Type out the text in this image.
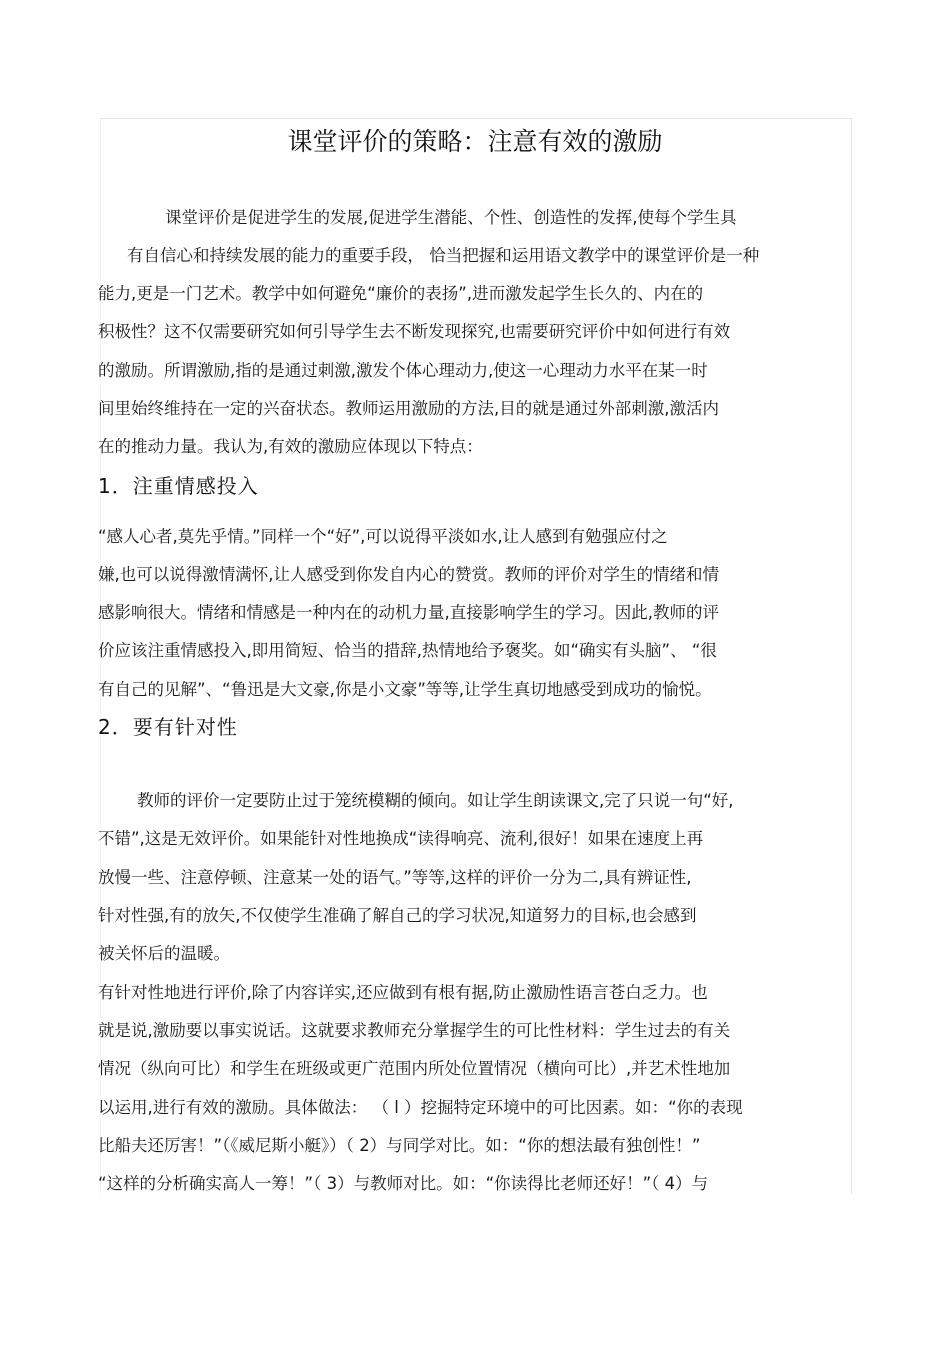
课堂评价的策略：注意有效的激励
课堂评价是促进学生的发展,促进学生潜能、个性、创造性的发挥,使每个学生具
有自信心和持续发展的能力的重要手段， 恰当把握和运用语文教学中的课堂评价是一种
能力,更是一门艺术。教学中如何避免“廉价的表扬”,进而激发起学生长久的、内在的
积极性？这不仅需要研究如何引导学生去不断发现探究,也需要研究评价中如何进行有效
的激励。所谓激励,指的是通过刺激,激发个体心理动力,使这一心理动力水平在某一时
间里始终维持在一定的兴奋状态。教师运用激励的方法,目的就是通过外部刺激,激活内
在的推动力量。我认为,有效的激励应体现以下特点：
1．注重情感投入
“感人心者,莫先乎情。”同样一个“好”,可以说得平淡如水,让人感到有勉强应付之
嫌,也可以说得激情满怀,让人感受到你发自内心的赞赏。教师的评价对学生的情绪和情
感影响很大。情绪和情感是一种内在的动机力量,直接影响学生的学习。因此,教师的评
价应该注重情感投入,即用简短、恰当的措辞,热情地给予褒奖。如“确实有头脑”、 “很
有自己的见解”、“鲁迅是大文豪,你是小文豪”等等,让学生真切地感受到成功的愉悦。
2．要有针对性
教师的评价一定要防止过于笼统模糊的倾向。如让学生朗读课文,完了只说一句“好,
不错”,这是无效评价。如果能针对性地换成“读得响亮、流利,很好！如果在速度上再
放慢一些、注意停顿、注意某一处的语气。”等等,这样的评价一分为二,具有辨证性,
针对性强,有的放矢,不仅使学生准确了解自己的学习状况,知道努力的目标,也会感到
被关怀后的温暖。
有针对性地进行评价,除了内容详实,还应做到有根有据,防止激励性语言苍白乏力。也
就是说,激励要以事实说话。这就要求教师充分掌握学生的可比性材料：学生过去的有关
情况（纵向可比）和学生在班级或更广范围内所处位置情况（横向可比）,并艺术性地加
以运用,进行有效的激励。具体做法： （ l ）挖掘特定环境中的可比因素。如：“你的表现
比船夫还厉害！”（《威尼斯小艇》）（ 2）与同学对比。如：“你的想法最有独创性！”
“这样的分析确实高人一筹！”（ 3）与教师对比。如：“你读得比老师还好！”（ 4）与
